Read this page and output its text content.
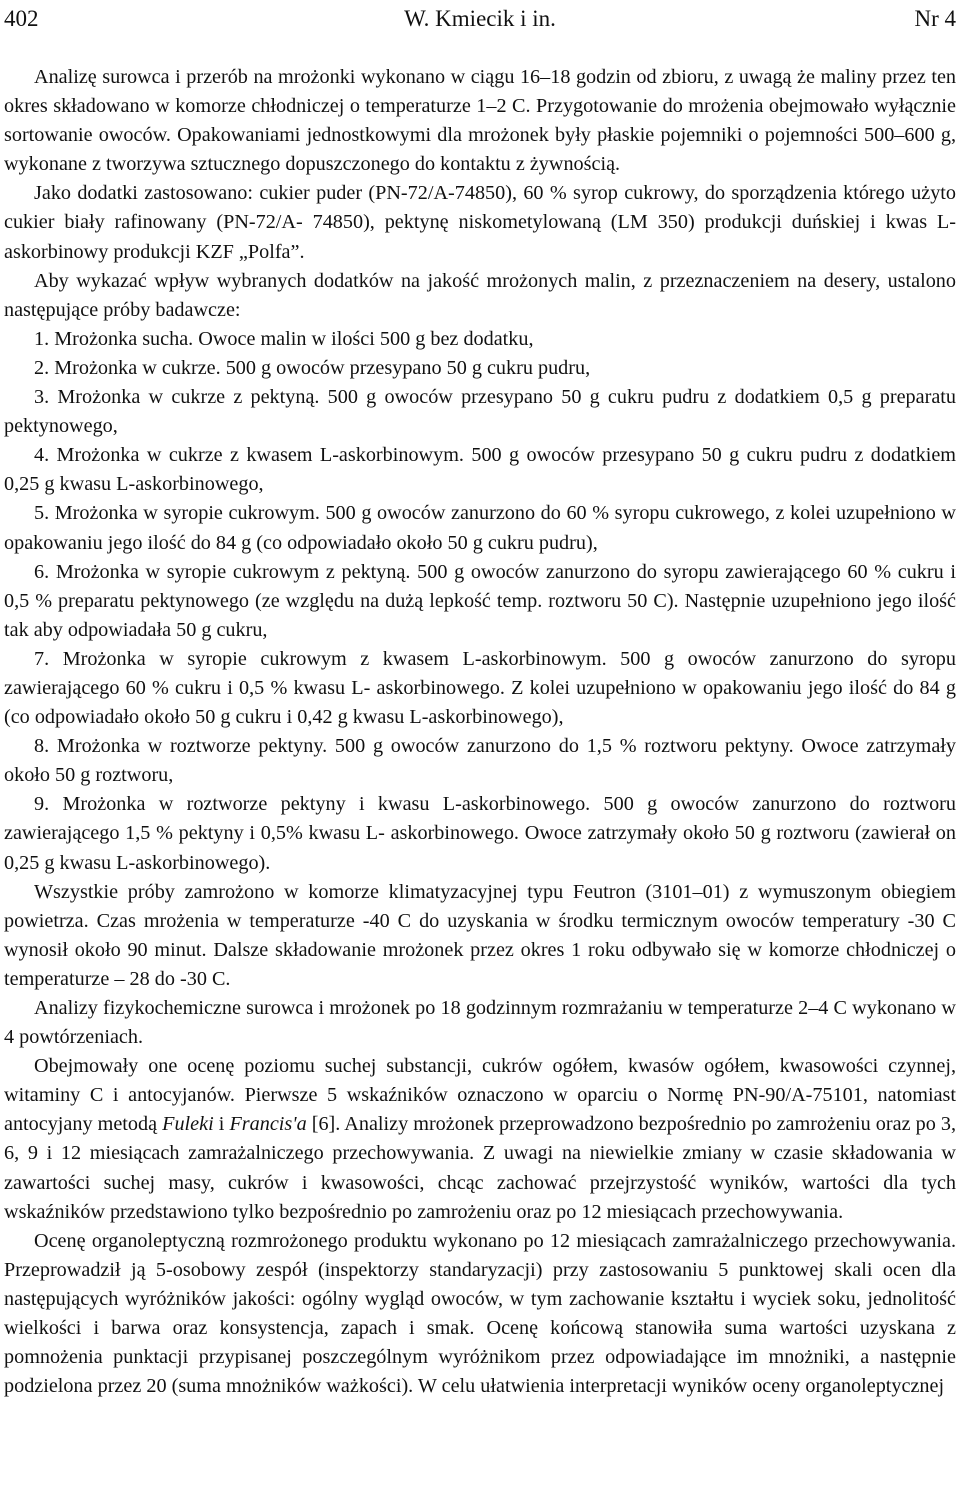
402	W. Kmiecik i in.	Nr 4

Analizę surowca i przerób na mrożonki wykonano w ciągu 16–18 godzin od zbioru, z uwagą że maliny przez ten okres składowano w komorze chłodniczej o temperaturze 1–2 C. Przygotowanie do mrożenia obejmowało wyłącznie sortowanie owoców. Opakowaniami jednostkowymi dla mrożonek były płaskie pojemniki o pojemności 500–600 g, wykonane z tworzywa sztucznego dopuszczonego do kontaktu z żywnością.

Jako dodatki zastosowano: cukier puder (PN-72/A-74850), 60 % syrop cukrowy, do sporządzenia którego użyto cukier biały rafinowany (PN-72/A- 74850), pektynę niskometylowaną (LM 350) produkcji duńskiej i kwas L- askorbinowy produkcji KZF „Polfa”.

Aby wykazać wpływ wybranych dodatków na jakość mrożonych malin, z przeznaczeniem na desery, ustalono następujące próby badawcze:

1. Mrożonka sucha. Owoce malin w ilości 500 g bez dodatku,

2. Mrożonka w cukrze. 500 g owoców przesypano 50 g cukru pudru,

3. Mrożonka w cukrze z pektyną. 500 g owoców przesypano 50 g cukru pudru z dodatkiem 0,5 g preparatu pektynowego,

4. Mrożonka w cukrze z kwasem L-askorbinowym. 500 g owoców przesypano 50 g cukru pudru z dodatkiem 0,25 g kwasu L-askorbinowego,

5. Mrożonka w syropie cukrowym. 500 g owoców zanurzono do 60 % syropu cukrowego, z kolei uzupełniono w opakowaniu jego ilość do 84 g (co odpowiadało około 50 g cukru pudru),

6. Mrożonka w syropie cukrowym z pektyną. 500 g owoców zanurzono do syropu zawierającego 60 % cukru i 0,5 % preparatu pektynowego (ze względu na dużą lepkość temp. roztworu 50 C). Następnie uzupełniono jego ilość tak aby odpowiadała 50 g cukru,

7. Mrożonka w syropie cukrowym z kwasem L-askorbinowym. 500 g owoców zanurzono do syropu zawierającego 60 % cukru i 0,5 % kwasu L- askorbinowego. Z kolei uzupełniono w opakowaniu jego ilość do 84 g (co odpowiadało około 50 g cukru i 0,42 g kwasu L-askorbinowego),

8. Mrożonka w roztworze pektyny. 500 g owoców zanurzono do 1,5 % roztworu pektyny. Owoce zatrzymały około 50 g roztworu,

9. Mrożonka w roztworze pektyny i kwasu L-askorbinowego. 500 g owoców zanurzono do roztworu zawierającego 1,5 % pektyny i 0,5% kwasu L- askorbinowego. Owoce zatrzymały około 50 g roztworu (zawierał on 0,25 g kwasu L-askorbinowego).

Wszystkie próby zamrożono w komorze klimatyzacyjnej typu Feutron (3101–01) z wymuszonym obiegiem powietrza. Czas mrożenia w temperaturze -40 C do uzyskania w środku termicznym owoców temperatury -30 C wynosił około 90 minut. Dalsze składowanie mrożonek przez okres 1 roku odbywało się w komorze chłodniczej o temperaturze – 28 do -30 C.

Analizy fizykochemiczne surowca i mrożonek po 18 godzinnym rozmrażaniu w temperaturze 2–4 C wykonano w 4 powtórzeniach.

Obejmowały one ocenę poziomu suchej substancji, cukrów ogółem, kwasów ogółem, kwasowości czynnej, witaminy C i antocyjanów. Pierwsze 5 wskaźników oznaczono w oparciu o Normę PN-90/A-75101, natomiast antocyjany metodą Fuleki i Francis'a [6]. Analizy mrożonek przeprowadzono bezpośrednio po zamrożeniu oraz po 3, 6, 9 i 12 miesiącach zamrażalniczego przechowywania. Z uwagi na niewielkie zmiany w czasie składowania w zawartości suchej masy, cukrów i kwasowości, chcąc zachować przejrzystość wyników, wartości dla tych wskaźników przedstawiono tylko bezpośrednio po zamrożeniu oraz po 12 miesiącach przechowywania.

Ocenę organoleptyczną rozmrożonego produktu wykonano po 12 miesiącach zamrażalniczego przechowywania. Przeprowadził ją 5-osobowy zespół (inspektorzy standaryzacji) przy zastosowaniu 5 punktowej skali ocen dla następujących wyróżników jakości: ogólny wygląd owoców, w tym zachowanie kształtu i wyciek soku, jednolitość wielkości i barwa oraz konsystencja, zapach i smak. Ocenę końcową stanowiła suma wartości uzyskana z pomnożenia punktacji przypisanej poszczególnym wyróżnikom przez odpowiadające im mnożniki, a następnie podzielona przez 20 (suma mnożników ważkości). W celu ułatwienia interpretacji wyników oceny organoleptycznej
